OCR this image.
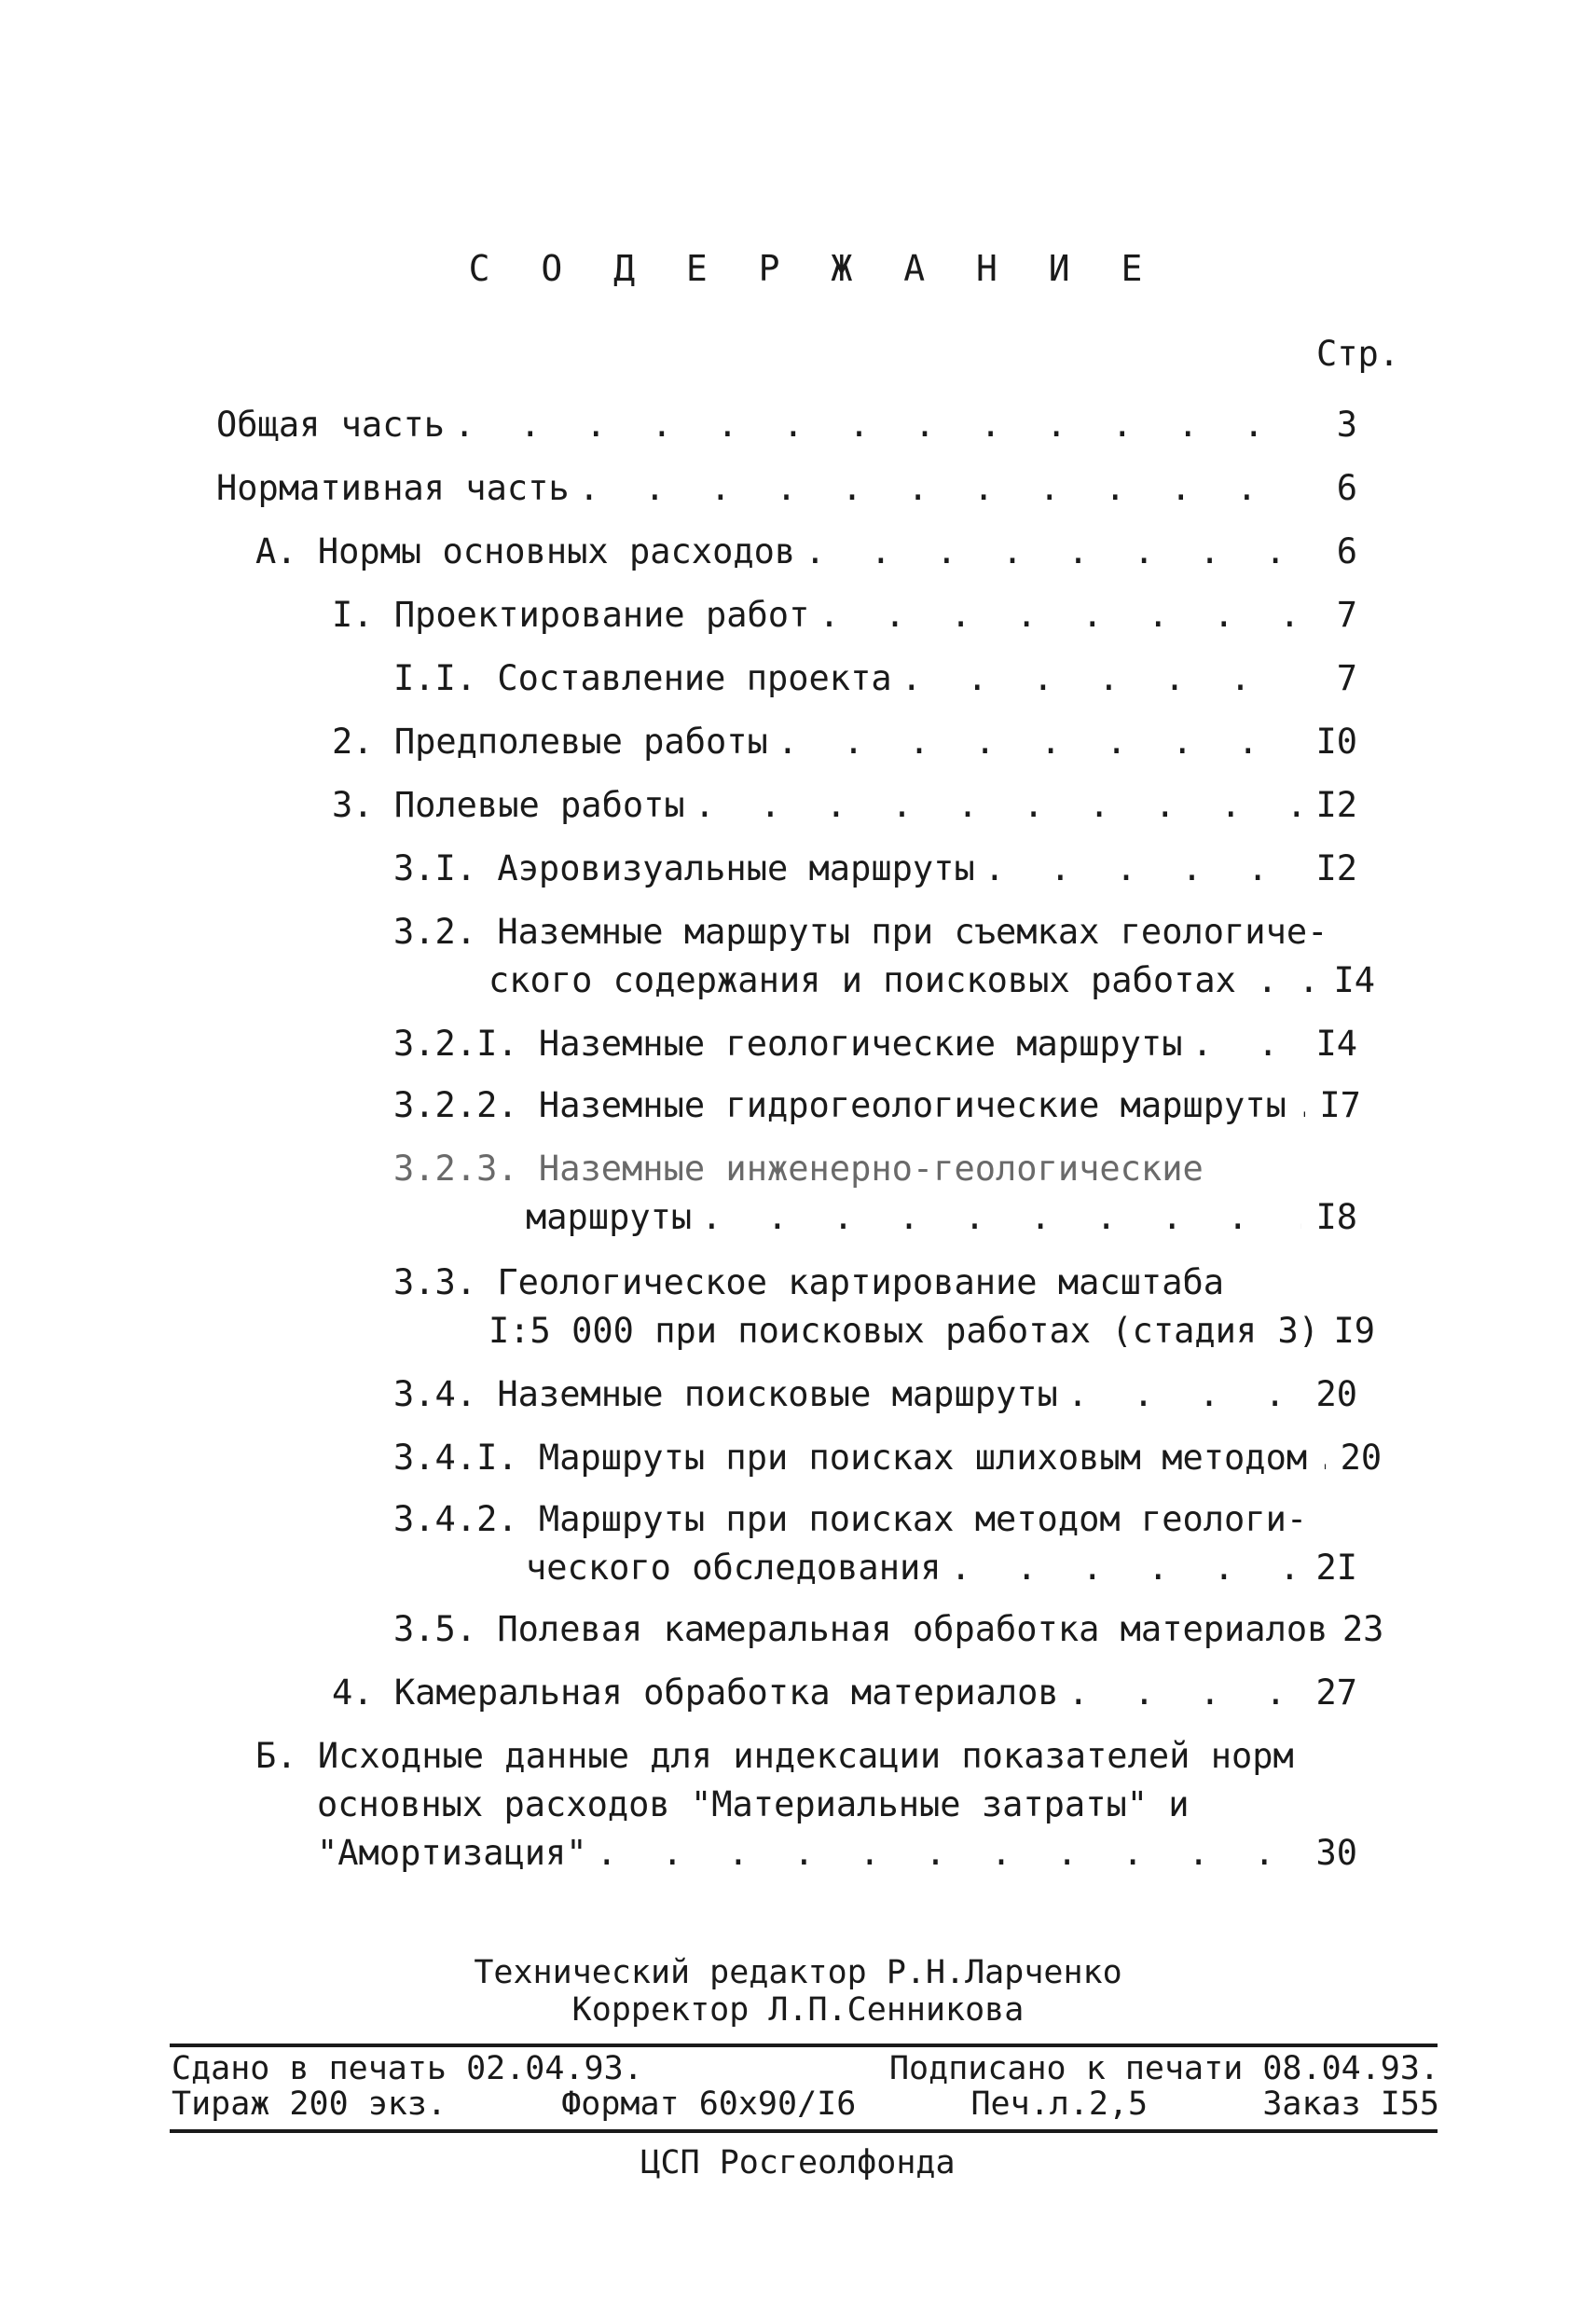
С О Д Е Р Ж А Н И Е
Стр.
Общая часть . . .	3
Нормативная часть . . .	6
А. Нормы основных расходов . . .	6
I. Проектирование работ . . .	7
I.I. Составление проекта . . .	7
2. Предполевые работы . . .	I0
3. Полевые работы . . .	I2
3.I. Аэровизуальные маршруты . . .	I2
3.2. Наземные маршруты при съемках геологиче-
ского содержания и поисковых работах . . I4
3.2.I. Наземные геологические маршруты . . .	I4
3.2.2. Наземные гидрогеологические маршруты . . . I7
3.2.3. Наземные инженерно-геологические
маршруты . . .	I8
3.3. Геологическое картирование масштаба
I:5 000 при поисковых работах (стадия 3) I9
3.4. Наземные поисковые маршруты . . .	20
3.4.I. Маршруты при поисках шлиховым методом . . . 20
3.4.2. Маршруты при поисках методом геологи-
ческого обследования . . .	2I
3.5. Полевая камеральная обработка материалов 23
4. Камеральная обработка материалов . . .	27
Б. Исходные данные для индексации показателей норм
основных расходов "Материальные затраты" и
"Амортизация" . . .	30
Технический редактор Р.Н.Ларченко
Корректор Л.П.Сенникова
Сдано в печать 02.04.93.	Подписано к печати 08.04.93.
Тираж 200 экз.	Формат 60х90/I6	Печ.л.2,5	Заказ I55
ЦСП Росгеолфонда
